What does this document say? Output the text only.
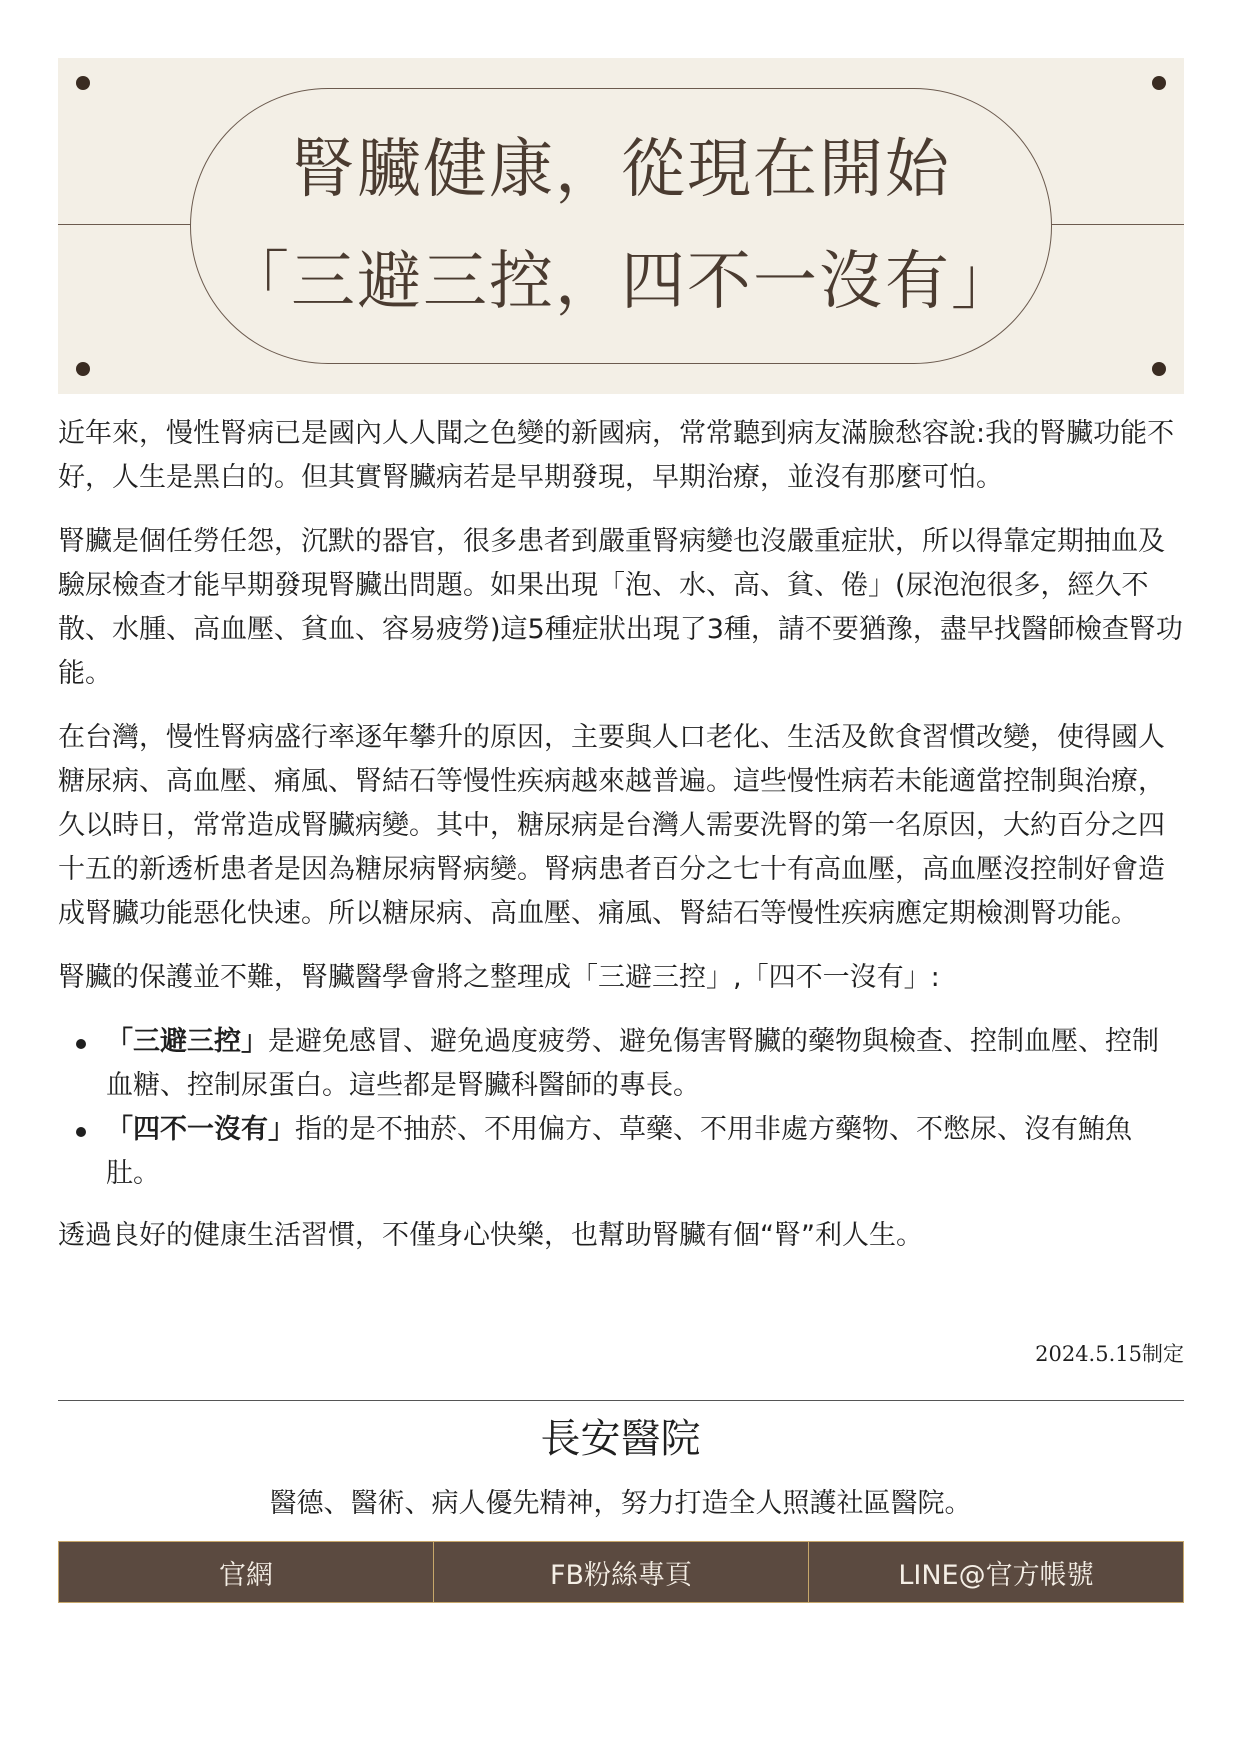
腎臟健康，從現在開始
「三避三控，四不一沒有」

近年來，慢性腎病已是國內人人聞之色變的新國病，常常聽到病友滿臉愁容說:我的腎臟功能不好，人生是黑白的。但其實腎臟病若是早期發現，早期治療，並沒有那麼可怕。

腎臟是個任勞任怨，沉默的器官，很多患者到嚴重腎病變也沒嚴重症狀，所以得靠定期抽血及驗尿檢查才能早期發現腎臟出問題。如果出現「泡、水、高、貧、倦」(尿泡泡很多，經久不散、水腫、高血壓、貧血、容易疲勞)這5種症狀出現了3種，請不要猶豫，盡早找醫師檢查腎功能。

在台灣，慢性腎病盛行率逐年攀升的原因，主要與人口老化、生活及飲食習慣改變，使得國人糖尿病、高血壓、痛風、腎結石等慢性疾病越來越普遍。這些慢性病若未能適當控制與治療，久以時日，常常造成腎臟病變。其中，糖尿病是台灣人需要洗腎的第一名原因，大約百分之四十五的新透析患者是因為糖尿病腎病變。腎病患者百分之七十有高血壓，高血壓沒控制好會造成腎臟功能惡化快速。所以糖尿病、高血壓、痛風、腎結石等慢性疾病應定期檢測腎功能。

腎臟的保護並不難，腎臟醫學會將之整理成「三避三控」,「四不一沒有」:

「三避三控」是避免感冒、避免過度疲勞、避免傷害腎臟的藥物與檢查、控制血壓、控制血糖、控制尿蛋白。這些都是腎臟科醫師的專長。
「四不一沒有」指的是不抽菸、不用偏方、草藥、不用非處方藥物、不憋尿、沒有鮪魚肚。

透過良好的健康生活習慣，不僅身心快樂，也幫助腎臟有個“腎”利人生。

2024.5.15制定
長安醫院
醫德、醫術、病人優先精神，努力打造全人照護社區醫院。
官網	FB粉絲專頁	LINE@官方帳號
